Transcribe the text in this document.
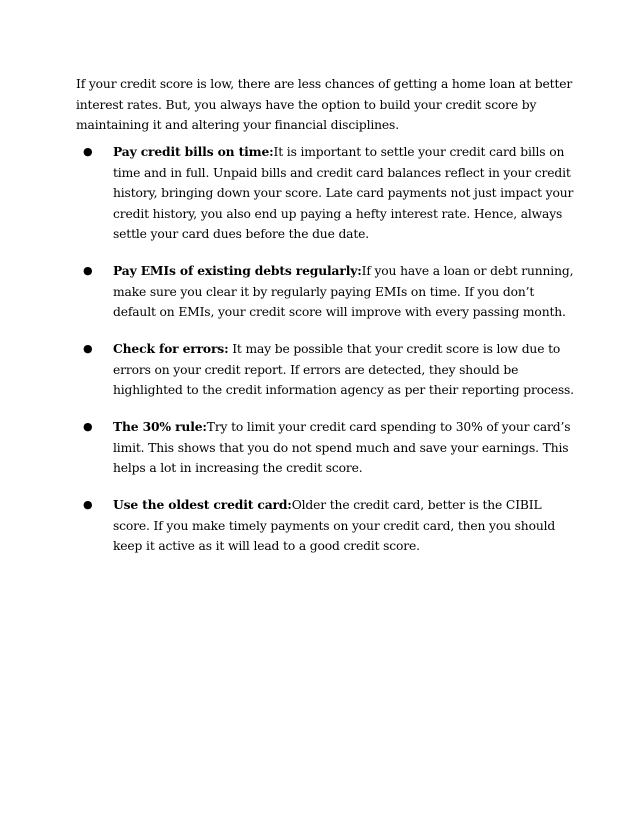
If your credit score is low, there are less chances of getting a home loan at better interest rates. But, you always have the option to build your credit score by maintaining it and altering your financial disciplines.

● Pay credit bills on time:It is important to settle your credit card bills on time and in full. Unpaid bills and credit card balances reflect in your credit history, bringing down your score. Late card payments not just impact your credit history, you also end up paying a hefty interest rate. Hence, always settle your card dues before the due date.
● Pay EMIs of existing debts regularly:If you have a loan or debt running, make sure you clear it by regularly paying EMIs on time. If you don’t default on EMIs, your credit score will improve with every passing month.
● Check for errors: It may be possible that your credit score is low due to errors on your credit report. If errors are detected, they should be highlighted to the credit information agency as per their reporting process.
● The 30% rule:Try to limit your credit card spending to 30% of your card’s limit. This shows that you do not spend much and save your earnings. This helps a lot in increasing the credit score.
● Use the oldest credit card:Older the credit card, better is the CIBIL score. If you make timely payments on your credit card, then you should keep it active as it will lead to a good credit score.
